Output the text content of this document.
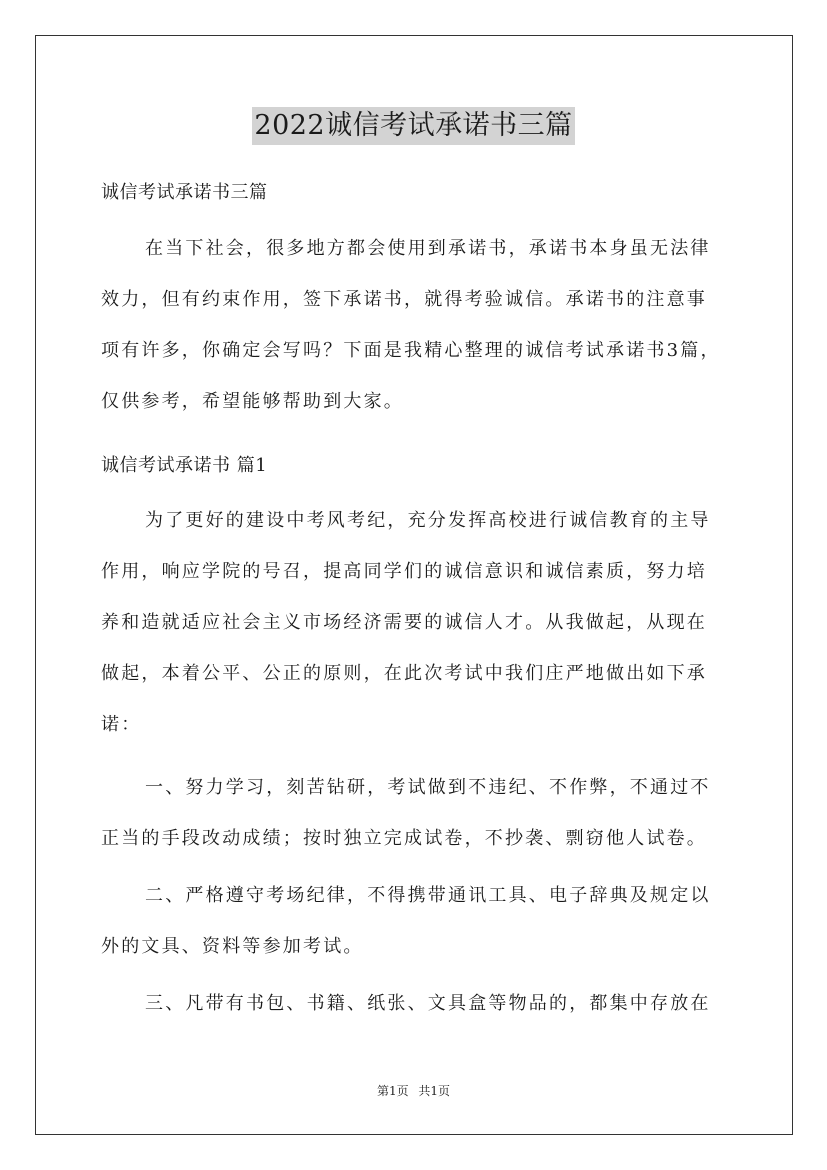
2022诚信考试承诺书三篇

诚信考试承诺书三篇

在当下社会，很多地方都会使用到承诺书，承诺书本身虽无法律
效力，但有约束作用，签下承诺书，就得考验诚信。承诺书的注意事
项有许多，你确定会写吗？下面是我精心整理的诚信考试承诺书3篇，
仅供参考，希望能够帮助到大家。

诚信考试承诺书 篇1

为了更好的建设中考风考纪，充分发挥高校进行诚信教育的主导
作用，响应学院的号召，提高同学们的诚信意识和诚信素质，努力培
养和造就适应社会主义市场经济需要的诚信人才。从我做起，从现在
做起，本着公平、公正的原则，在此次考试中我们庄严地做出如下承
诺：
一、努力学习，刻苦钻研，考试做到不违纪、不作弊，不通过不
正当的手段改动成绩；按时独立完成试卷，不抄袭、剽窃他人试卷。
二、严格遵守考场纪律，不得携带通讯工具、电子辞典及规定以
外的文具、资料等参加考试。
三、凡带有书包、书籍、纸张、文具盒等物品的，都集中存放在
第1页 共1页
